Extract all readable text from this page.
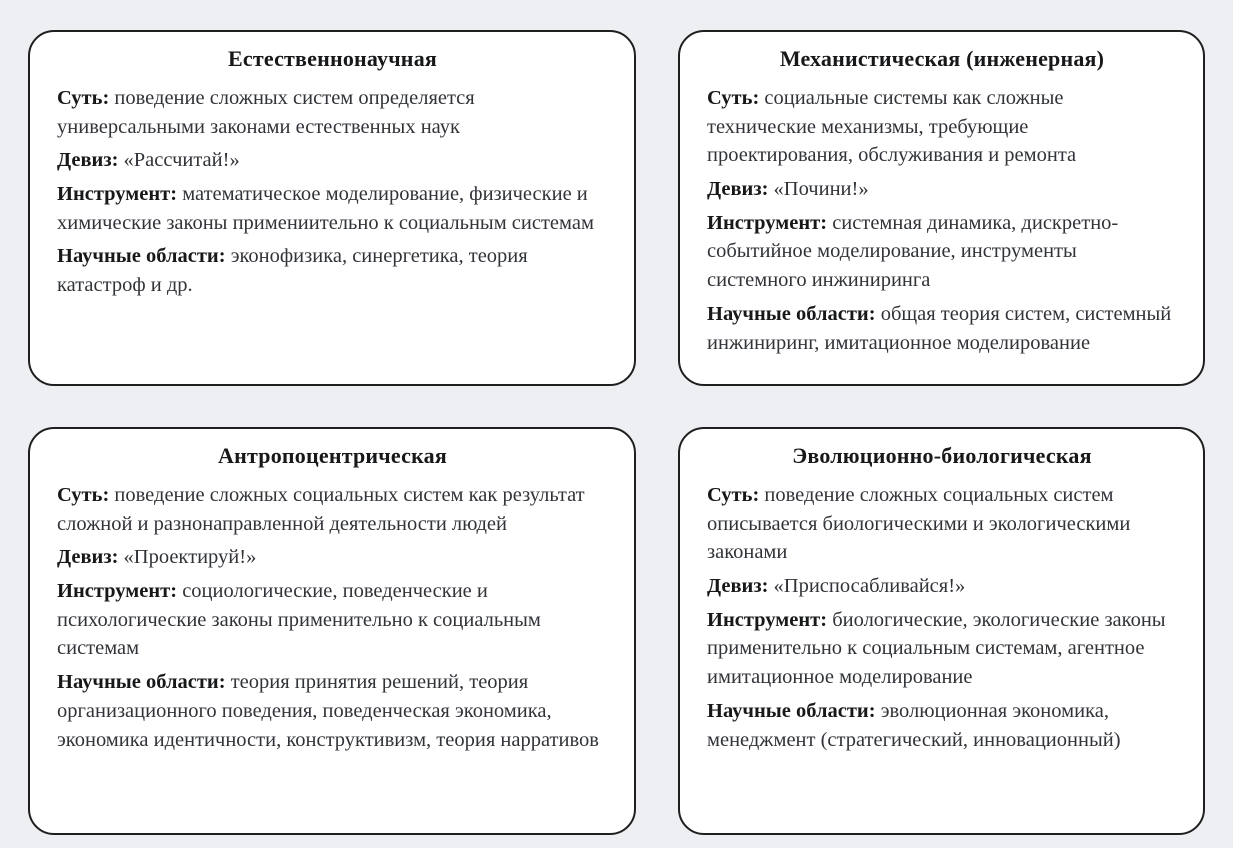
Естественнонаучная

Суть: поведение сложных систем определяется универсальными законами естественных наук

Девиз: «Рассчитай!»

Инструмент: математическое моделирование, физические и химические законы примениительно к социальным системам

Научные области: эконофизика, синергетика, теория катастроф и др.

Механистическая (инженерная)

Суть: социальные системы как сложные технические механизмы, требующие проектирования, обслуживания и ремонта

Девиз: «Почини!»

Инструмент: системная динамика, дискретно-событийное моделирование, инструменты системного инжиниринга

Научные области: общая теория систем, системный инжиниринг, имитационное моделирование

Антропоцентрическая

Суть: поведение сложных социальных систем как результат сложной и разнонаправленной деятельности людей

Девиз: «Проектируй!»

Инструмент: социологические, поведенческие и психологические законы применительно к социальным системам

Научные области: теория принятия решений, теория организационного поведения, поведенческая экономика, экономика идентичности, конструктивизм, теория нарративов

Эволюционно-биологическая

Суть: поведение сложных социальных систем описывается биологическими и экологическими законами

Девиз: «Приспосабливайся!»

Инструмент: биологические, экологические законы применительно к социальным системам, агентное имитационное моделирование

Научные области: эволюционная экономика, менеджмент (стратегический, инновационный)
